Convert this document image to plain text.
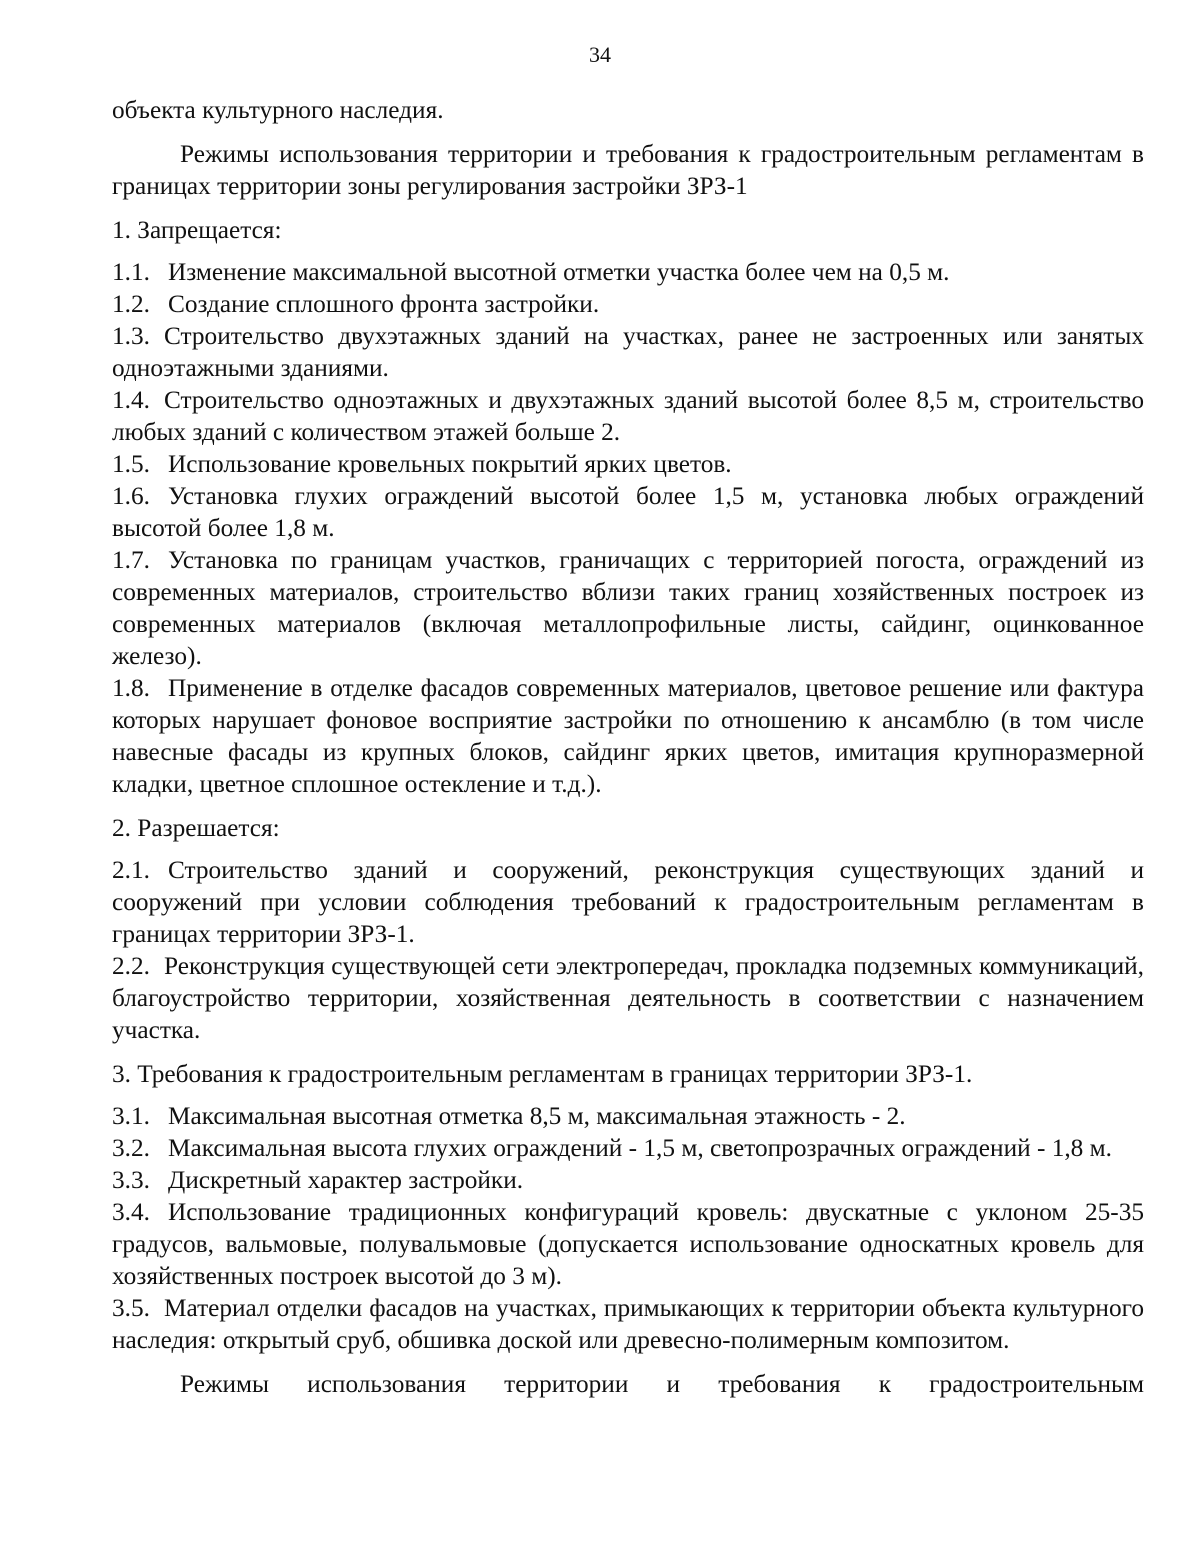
34

объекта культурного наследия.

Режимы использования территории и требования к градостроительным регламентам в границах территории зоны регулирования застройки ЗРЗ-1

1. Запрещается:

1.1. Изменение максимальной высотной отметки участка более чем на 0,5 м.

1.2. Создание сплошного фронта застройки.

1.3. Строительство двухэтажных зданий на участках, ранее не застроенных или занятых одноэтажными зданиями.

1.4. Строительство одноэтажных и двухэтажных зданий высотой более 8,5 м, строительство любых зданий с количеством этажей больше 2.

1.5. Использование кровельных покрытий ярких цветов.

1.6. Установка глухих ограждений высотой более 1,5 м, установка любых ограждений высотой более 1,8 м.

1.7. Установка по границам участков, граничащих с территорией погоста, ограждений из современных материалов, строительство вблизи таких границ хозяйственных построек из современных материалов (включая металлопрофильные листы, сайдинг, оцинкованное железо).

1.8. Применение в отделке фасадов современных материалов, цветовое решение или фактура которых нарушает фоновое восприятие застройки по отношению к ансамблю (в том числе навесные фасады из крупных блоков, сайдинг ярких цветов, имитация крупноразмерной кладки, цветное сплошное остекление и т.д.).

2. Разрешается:

2.1. Строительство зданий и сооружений, реконструкция существующих зданий и сооружений при условии соблюдения требований к градостроительным регламентам в границах территории ЗРЗ-1.

2.2. Реконструкция существующей сети электропередач, прокладка подземных коммуникаций, благоустройство территории, хозяйственная деятельность в соответствии с назначением участка.

3. Требования к градостроительным регламентам в границах территории ЗРЗ-1.

3.1. Максимальная высотная отметка 8,5 м, максимальная этажность - 2.

3.2. Максимальная высота глухих ограждений - 1,5 м, светопрозрачных ограждений - 1,8 м.

3.3. Дискретный характер застройки.

3.4. Использование традиционных конфигураций кровель: двускатные с уклоном 25-35 градусов, вальмовые, полувальмовые (допускается использование односкатных кровель для хозяйственных построек высотой до 3 м).

3.5. Материал отделки фасадов на участках, примыкающих к территории объекта культурного наследия: открытый сруб, обшивка доской или древесно-полимерным композитом.

Режимы использования территории и требования к градостроительным
